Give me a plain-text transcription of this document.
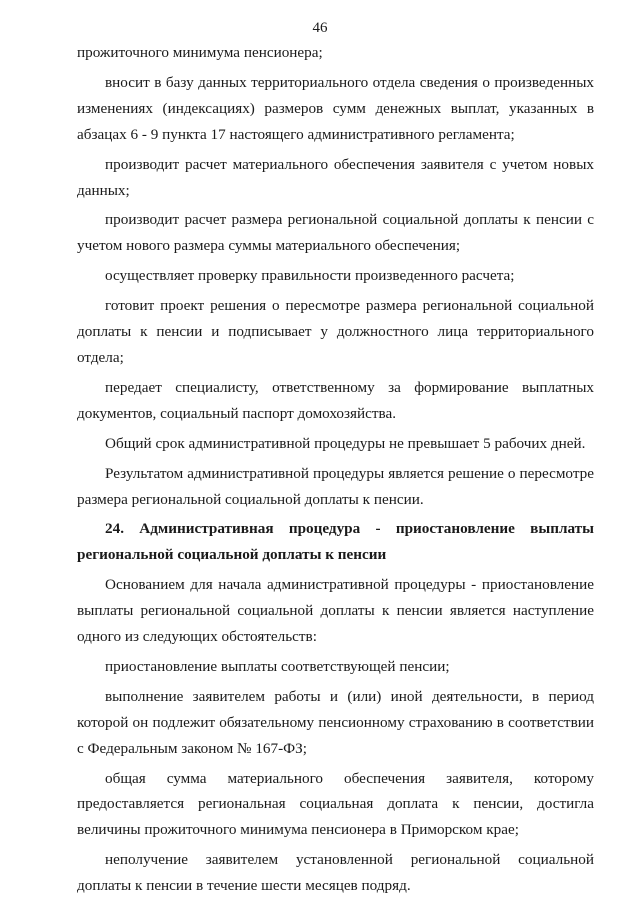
46

прожиточного минимума пенсионера;

вносит в базу данных территориального отдела сведения о произведенных изменениях (индексациях) размеров сумм денежных выплат, указанных в абзацах 6 - 9 пункта 17 настоящего административного регламента;

производит расчет материального обеспечения заявителя с учетом новых данных;

производит расчет размера региональной социальной доплаты к пенсии с учетом нового размера суммы материального обеспечения;

осуществляет проверку правильности произведенного расчета;

готовит проект решения о пересмотре размера региональной социальной доплаты к пенсии и подписывает у должностного лица территориального отдела;

передает специалисту, ответственному за формирование выплатных документов, социальный паспорт домохозяйства.

Общий срок административной процедуры не превышает 5 рабочих дней.

Результатом административной процедуры является решение о пересмотре размера региональной социальной доплаты к пенсии.

24. Административная процедура - приостановление выплаты региональной социальной доплаты к пенсии

Основанием для начала административной процедуры - приостановление выплаты региональной социальной доплаты к пенсии является наступление одного из следующих обстоятельств:

приостановление выплаты соответствующей пенсии;

выполнение заявителем работы и (или) иной деятельности, в период которой он подлежит обязательному пенсионному страхованию в соответствии с Федеральным законом № 167-ФЗ;

общая сумма материального обеспечения заявителя, которому предоставляется региональная социальная доплата к пенсии, достигла величины прожиточного минимума пенсионера в Приморском крае;

неполучение заявителем установленной региональной социальной доплаты к пенсии в течение шести месяцев подряд.
